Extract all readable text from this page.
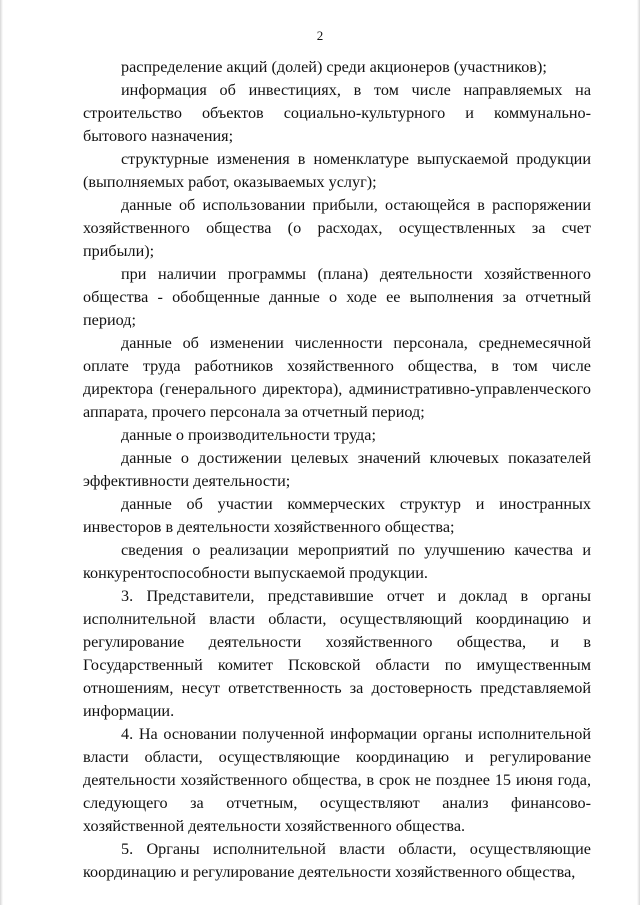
2

распределение акций (долей) среди акционеров (участников);

информация об инвестициях, в том числе направляемых на строительство объектов социально-культурного и коммунально-бытового назначения;

структурные изменения в номенклатуре выпускаемой продукции (выполняемых работ, оказываемых услуг);

данные об использовании прибыли, остающейся в распоряжении хозяйственного общества (о расходах, осуществленных за счет прибыли);

при наличии программы (плана) деятельности хозяйственного общества - обобщенные данные о ходе ее выполнения за отчетный период;

данные об изменении численности персонала, среднемесячной оплате труда работников хозяйственного общества, в том числе директора (генерального директора), административно-управленческого аппарата, прочего персонала за отчетный период;

данные о производительности труда;

данные о достижении целевых значений ключевых показателей эффективности деятельности;

данные об участии коммерческих структур и иностранных инвесторов в деятельности хозяйственного общества;

сведения о реализации мероприятий по улучшению качества и конкурентоспособности выпускаемой продукции.

3. Представители, представившие отчет и доклад в органы исполнительной власти области, осуществляющий координацию и регулирование деятельности хозяйственного общества, и в Государственный комитет Псковской области по имущественным отношениям, несут ответственность за достоверность представляемой информации.

4. На основании полученной информации органы исполнительной власти области, осуществляющие координацию и регулирование деятельности хозяйственного общества, в срок не позднее 15 июня года, следующего за отчетным, осуществляют анализ финансово-хозяйственной деятельности хозяйственного общества.

5. Органы исполнительной власти области, осуществляющие координацию и регулирование деятельности хозяйственного общества,
